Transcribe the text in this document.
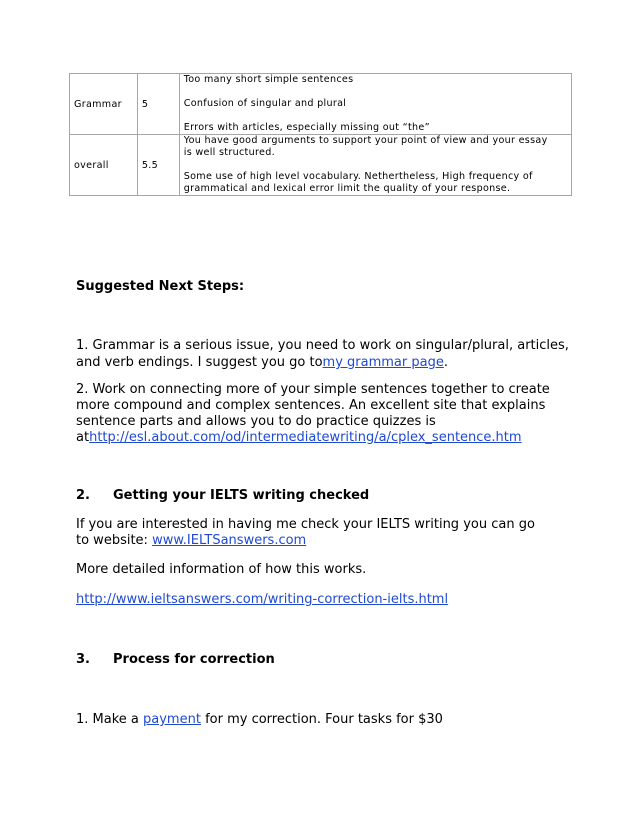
Grammar	5	Too many short simple sentences
Confusion of singular and plural
Errors with articles, especially missing out “the”

overall	5.5	You have good arguments to support your point of view and your essay
is well structured.
Some use of high level vocabulary. Nethertheless, High frequency of
grammatical and lexical error limit the quality of your response.
Suggested Next Steps:
1. Grammar is a serious issue, you need to work on singular/plural, articles,
and verb endings. I suggest you go tomy grammar page.
2. Work on connecting more of your simple sentences together to create
more compound and complex sentences. An excellent site that explains
sentence parts and allows you to do practice quizzes is
athttp://esl.about.com/od/intermediatewriting/a/cplex_sentence.htm
2. Getting your IELTS writing checked
If you are interested in having me check your IELTS writing you can go
to website: www.IELTSanswers.com
More detailed information of how this works.
http://www.ieltsanswers.com/writing-correction-ielts.html
3. Process for correction
1. Make a payment for my correction. Four tasks for $30
